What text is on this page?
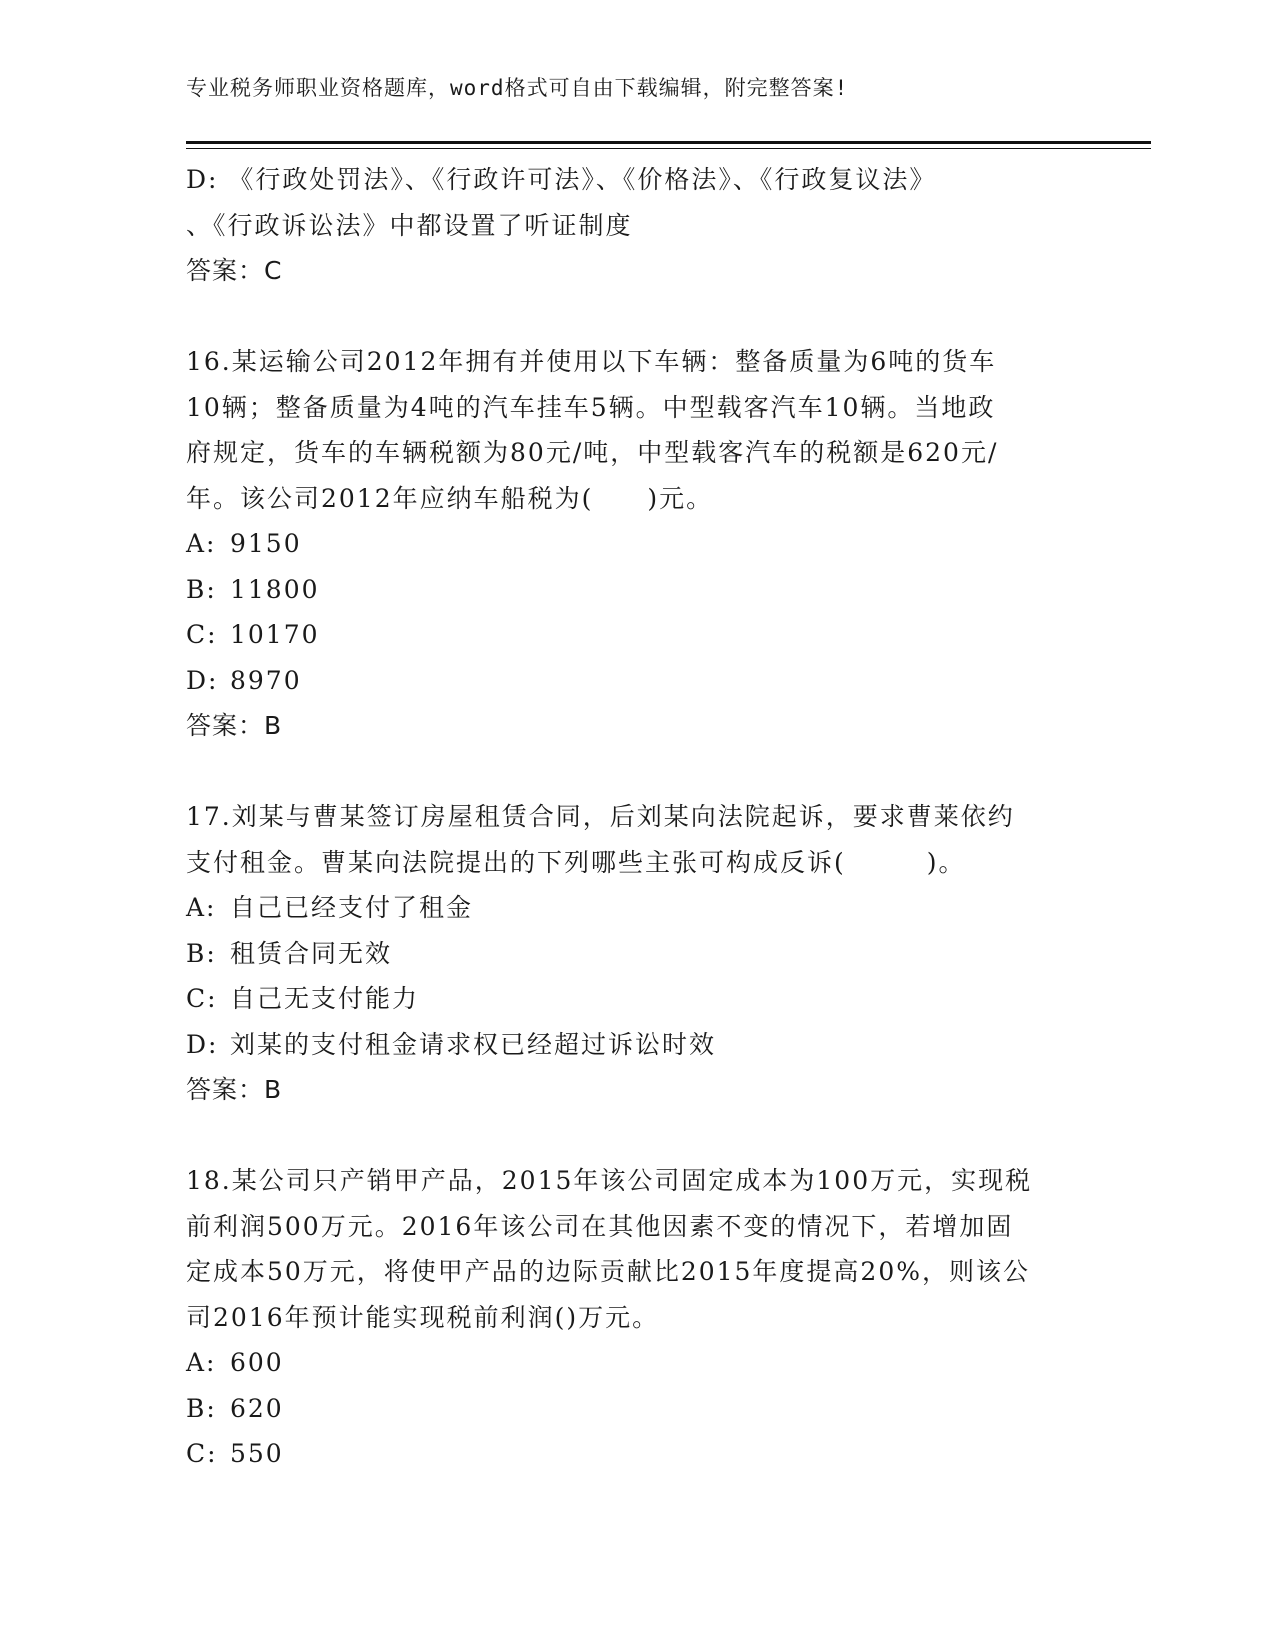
专业税务师职业资格题库，word格式可自由下载编辑，附完整答案!
D: 《行政处罚法》、《行政许可法》、《价格法》、《行政复议法》
、《行政诉讼法》中都设置了听证制度
答案：C
16.某运输公司2012年拥有并使用以下车辆：整备质量为6吨的货车
10辆；整备质量为4吨的汽车挂车5辆。中型载客汽车10辆。当地政
府规定，货车的车辆税额为80元/吨，中型载客汽车的税额是620元/
年。该公司2012年应纳车船税为(　　)元。
A: 9150
B: 11800
C: 10170
D: 8970
答案：B
17.刘某与曹某签订房屋租赁合同，后刘某向法院起诉，要求曹莱依约
支付租金。曹某向法院提出的下列哪些主张可构成反诉(　　　)。
A: 自己已经支付了租金
B: 租赁合同无效
C: 自己无支付能力
D: 刘某的支付租金请求权已经超过诉讼时效
答案：B
18.某公司只产销甲产品，2015年该公司固定成本为100万元，实现税
前利润500万元。2016年该公司在其他因素不变的情况下，若增加固
定成本50万元，将使甲产品的边际贡献比2015年度提高20%，则该公
司2016年预计能实现税前利润()万元。
A: 600
B: 620
C: 550
